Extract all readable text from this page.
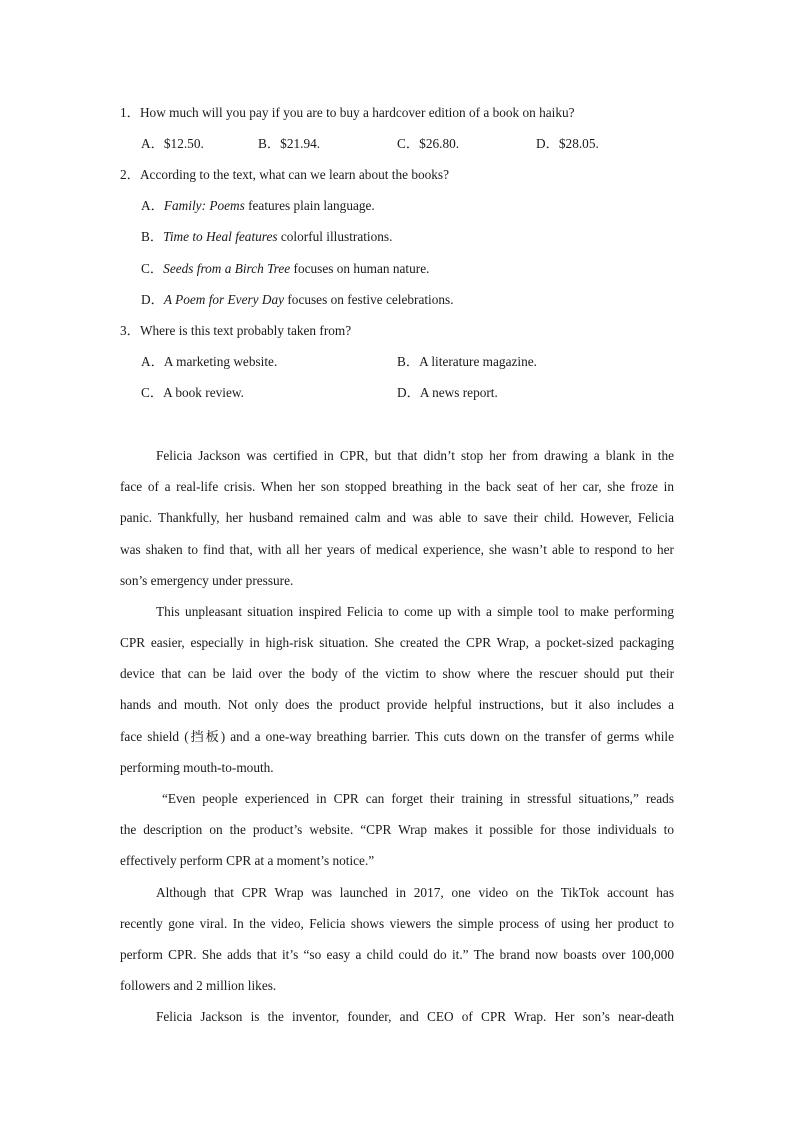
1．How much will you pay if you are to buy a hardcover edition of a book on haiku?
A．$12.50.	B．$21.94.	C．$26.80.	D．$28.05.
2．According to the text, what can we learn about the books?
A．Family: Poems features plain language.
B．Time to Heal features colorful illustrations.
C．Seeds from a Birch Tree focuses on human nature.
D．A Poem for Every Day focuses on festive celebrations.
3．Where is this text probably taken from?
A．A marketing website.	B．A literature magazine.
C．A book review.	D．A news report.
Felicia Jackson was certified in CPR, but that didn’t stop her from drawing a blank in the
face of a real-life crisis. When her son stopped breathing in the back seat of her car, she froze in
panic. Thankfully, her husband remained calm and was able to save their child. However, Felicia
was shaken to find that, with all her years of medical experience, she wasn’t able to respond to her
son’s emergency under pressure.
This unpleasant situation inspired Felicia to come up with a simple tool to make performing
CPR easier, especially in high-risk situation. She created the CPR Wrap, a pocket-sized packaging
device that can be laid over the body of the victim to show where the rescuer should put their
hands and mouth. Not only does the product provide helpful instructions, but it also includes a
face shield (挡板) and a one-way breathing barrier. This cuts down on the transfer of germs while
performing mouth-to-mouth.
“Even people experienced in CPR can forget their training in stressful situations,” reads
the description on the product’s website. “CPR Wrap makes it possible for those individuals to
effectively perform CPR at a moment’s notice.”
Although that CPR Wrap was launched in 2017, one video on the TikTok account has
recently gone viral. In the video, Felicia shows viewers the simple process of using her product to
perform CPR. She adds that it’s “so easy a child could do it.” The brand now boasts over 100,000
followers and 2 million likes.
Felicia Jackson is the inventor, founder, and CEO of CPR Wrap. Her son’s near-death
